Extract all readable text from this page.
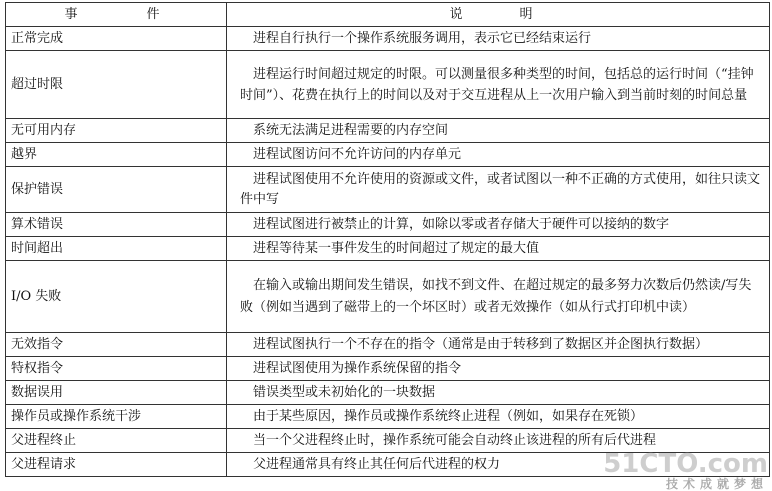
事　件	说　明
正常完成	进程自行执行一个操作系统服务调用，表示它已经结束运行
超过时限	进程运行时间超过规定的时限。可以测量很多种类型的时间，包括总的运行时间（“挂钟时间”）、花费在执行上的时间以及对于交互进程从上一次用户输入到当前时刻的时间总量
无可用内存	系统无法满足进程需要的内存空间
越界	进程试图访问不允许访问的内存单元
保护错误	进程试图使用不允许使用的资源或文件，或者试图以一种不正确的方式使用，如往只读文件中写
算术错误	进程试图进行被禁止的计算，如除以零或者存储大于硬件可以接纳的数字
时间超出	进程等待某一事件发生的时间超过了规定的最大值
I/O 失败	在输入或输出期间发生错误，如找不到文件、在超过规定的最多努力次数后仍然读/写失败（例如当遇到了磁带上的一个坏区时）或者无效操作（如从行式打印机中读）
无效指令	进程试图执行一个不存在的指令（通常是由于转移到了数据区并企图执行数据）
特权指令	进程试图使用为操作系统保留的指令
数据误用	错误类型或未初始化的一块数据
操作员或操作系统干涉	由于某些原因，操作员或操作系统终止进程（例如，如果存在死锁）
父进程终止	当一个父进程终止时，操作系统可能会自动终止该进程的所有后代进程
父进程请求	父进程通常具有终止其任何后代进程的权力	51CTO.com
技术成就梦想
